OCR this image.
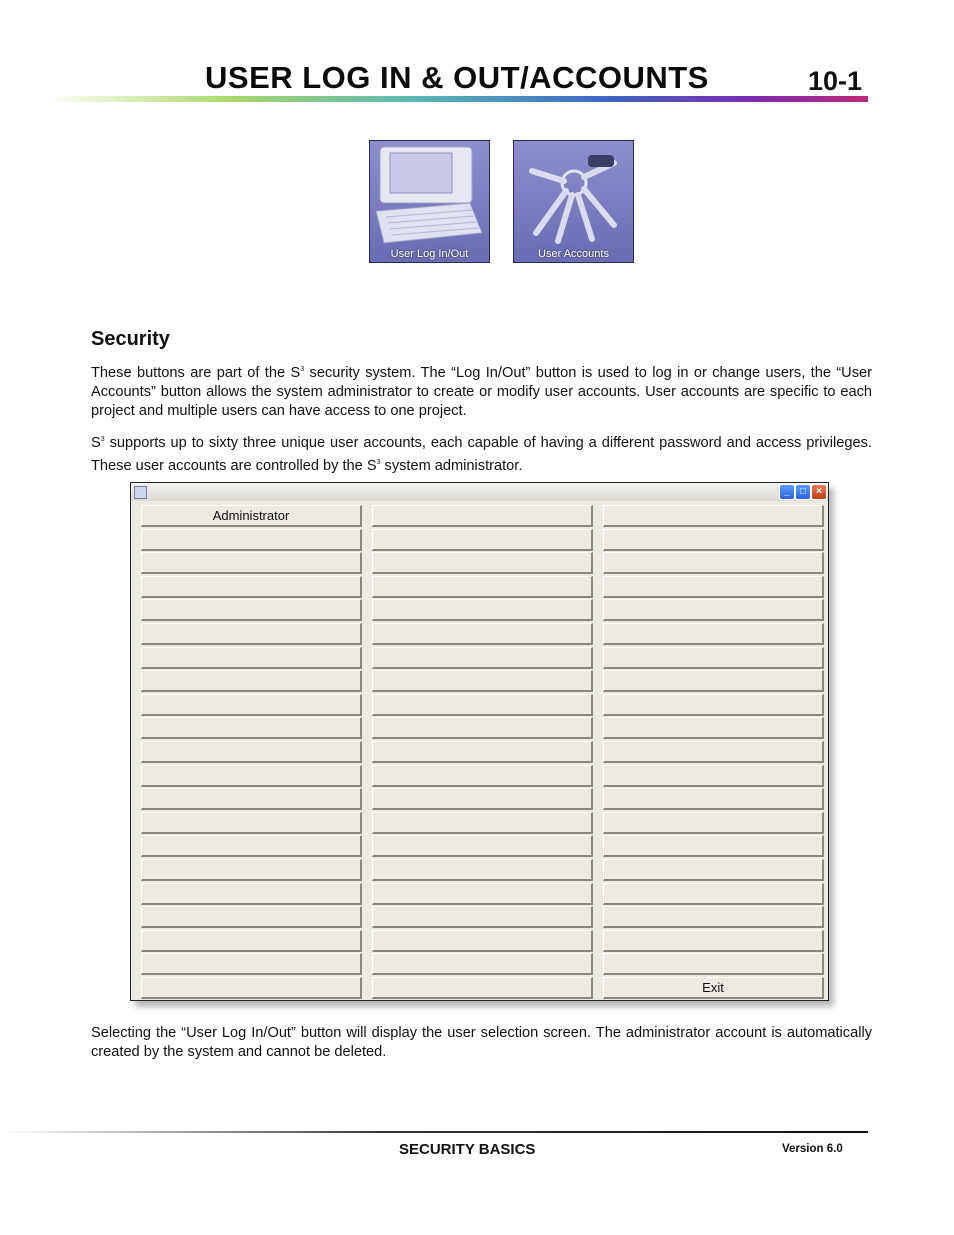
USER LOG IN & OUT/ACCOUNTS	10-1
User Log In/Out	User Accounts
Security

These buttons are part of the $S^3$ security system. The “Log In/Out” button is used to log in or change users, the “User Accounts” button allows the system administrator to create or modify user accounts. User accounts are specific to each project and multiple users can have access to one project.

$S^3$ supports up to sixty three unique user accounts, each capable of having a different password and access privileges. These user accounts are controlled by the $S^3$ system administrator.

_	□	×
Administrator
Exit

Selecting the “User Log In/Out” button will display the user selection screen. The administrator account is automatically created by the system and cannot be deleted.

SECURITY BASICS	Version 6.0
